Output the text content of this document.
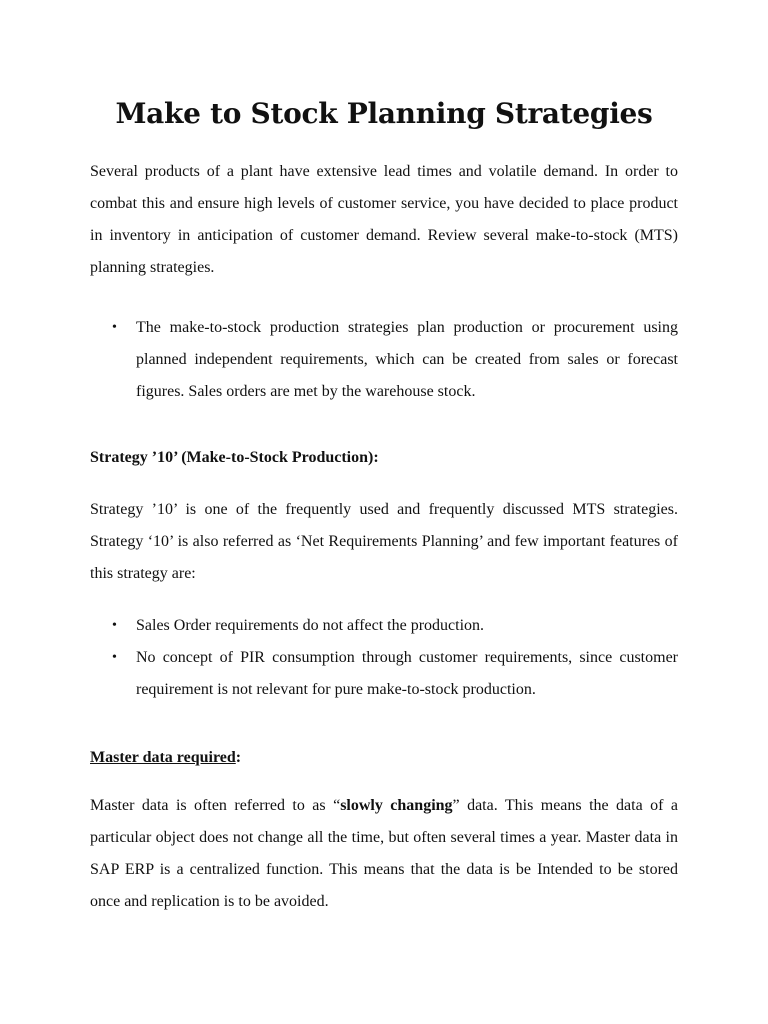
Make to Stock Planning Strategies

Several products of a plant have extensive lead times and volatile demand. In order to combat this and ensure high levels of customer service, you have decided to place product in inventory in anticipation of customer demand. Review several make-to-stock (MTS) planning strategies.

• The make-to-stock production strategies plan production or procurement using planned independent requirements, which can be created from sales or forecast figures. Sales orders are met by the warehouse stock.

Strategy ’10’ (Make-to-Stock Production):

Strategy ’10’ is one of the frequently used and frequently discussed MTS strategies. Strategy ‘10’ is also referred as ‘Net Requirements Planning’ and few important features of this strategy are:

• Sales Order requirements do not affect the production.
• No concept of PIR consumption through customer requirements, since customer requirement is not relevant for pure make-to-stock production.

Master data required:

Master data is often referred to as “slowly changing” data. This means the data of a particular object does not change all the time, but often several times a year. Master data in SAP ERP is a centralized function. This means that the data is be Intended to be stored once and replication is to be avoided.
